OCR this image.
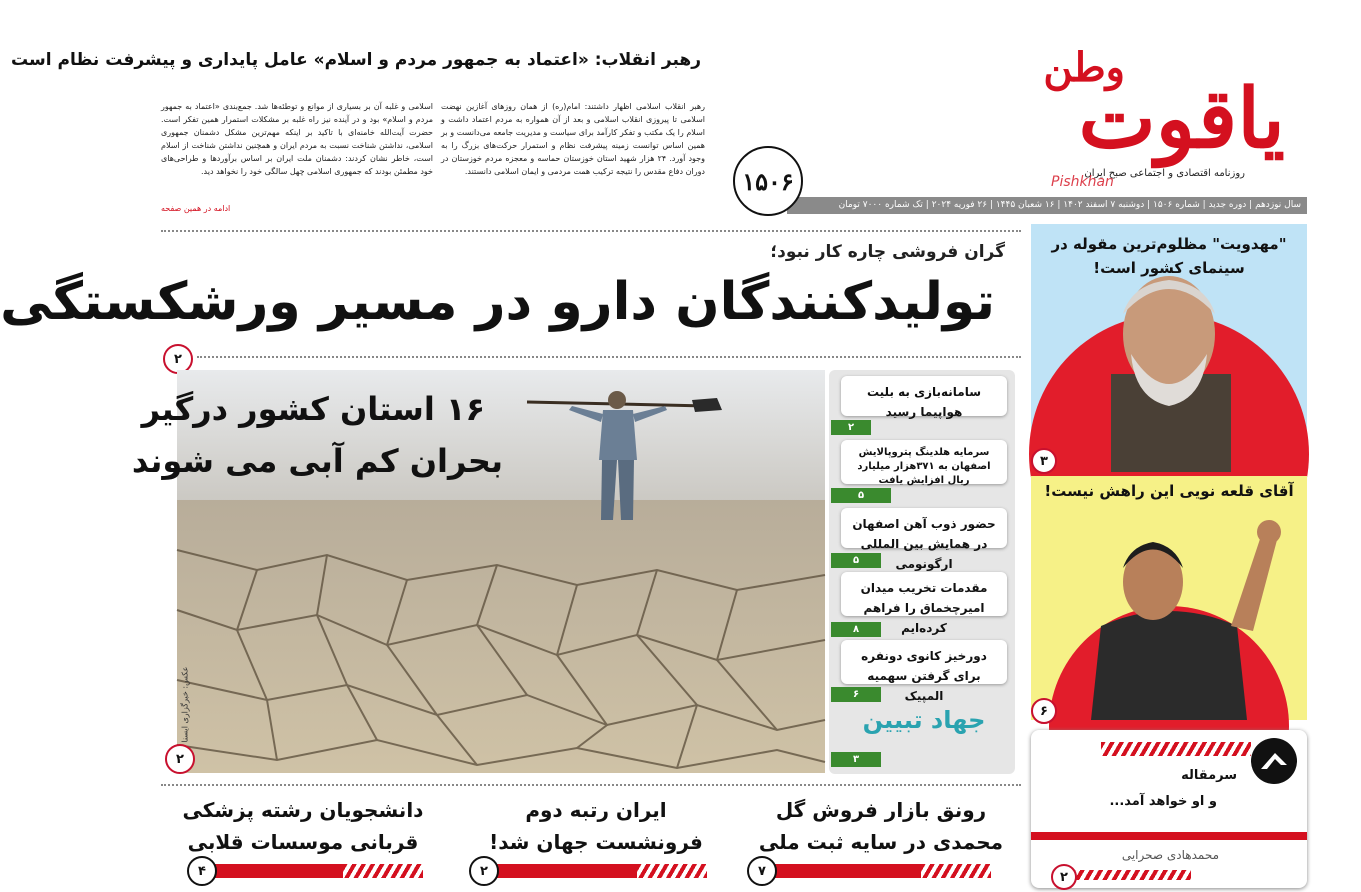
وطن
یاقوت
روزنامه اقتصادی و اجتماعی صبح ایران
Pishkhan
سال نوزدهم | دوره جدید | شماره ۱۵۰۶ | دوشنبه ۷ اسفند ۱۴۰۲ | ۱۶ شعبان ۱۴۴۵ | ۲۶ فوریه ۲۰۲۴ | تک شماره ۷۰۰۰ تومان
۱۵۰۶
رهبر انقلاب: «اعتماد به جمهور مردم و اسلام» عامل پایداری و پیشرفت نظام است
رهبر انقلاب اسلامی اظهار داشتند: امام(ره) از همان روزهای آغازین نهضت اسلامی تا پیروزی انقلاب اسلامی و بعد از آن همواره به مردم اعتماد داشت و اسلام را یک مکتب و تفکر کارآمد برای سیاست و مدیریت جامعه می‌دانست و بر همین اساس توانست زمینه پیشرفت نظام و استمرار حرکت‌های بزرگ را به وجود آورد. ۲۴ هزار شهید استان خوزستان حماسه و معجزه مردم خوزستان در دوران دفاع مقدس را نتیجه ترکیب همت مردمی و ایمان اسلامی دانستند.
اسلامی و غلبه آن بر بسیاری از موانع و توطئه‌ها شد. جمع‌بندی «اعتماد به جمهور مردم و اسلام» بود و در آینده نیز راه غلبه بر مشکلات استمرار همین تفکر است. حضرت آیت‌الله خامنه‌ای با تاکید بر اینکه مهم‌ترین مشکل دشمنان جمهوری اسلامی، نداشتن شناخت نسبت به مردم ایران و همچنین نداشتن شناخت از اسلام است، خاطر نشان کردند: دشمنان ملت ایران بر اساس برآوردها و طراحی‌های خود مطمئن بودند که جمهوری اسلامی چهل سالگی خود را نخواهد دید.
ادامه در همین صفحه
گران فروشی چاره کار نبود؛
تولیدکنندگان دارو در مسیر ورشکستگی
۲
۱۶ استان کشور درگیر
بحران کم آبی می شوند
عکس: خبرگزاری ایسنا
۲
سامانه‌بازی به بلیت هواپیما رسید
۲
سرمایه هلدینگ پتروپالایش اصفهان به ۳۷۱هزار میلیارد ریال افزایش یافت
۵
حضور ذوب آهن اصفهان در همایش بین المللی ارگونومی
۵
مقدمات تخریب میدان امیرچخماق را فراهم کرده‌ایم
۸
دورخیز کانوی دونفره برای گرفتن سهمیه المپیک
۶
جهاد تبیین
۳
"مهدویت" مظلوم‌ترین مقوله در سینمای کشور است!
۳
آقای قلعه نویی این راهش نیست!
۶
سرمقاله
و او خواهد آمد...
محمدهادی صحرایی
۲
رونق بازار فروش گل محمدی در سایه ثبت ملی
۷
ایران رتبه دوم فرونشست جهان شد!
۲
دانشجویان رشته پزشکی قربانی موسسات قلابی
۴
